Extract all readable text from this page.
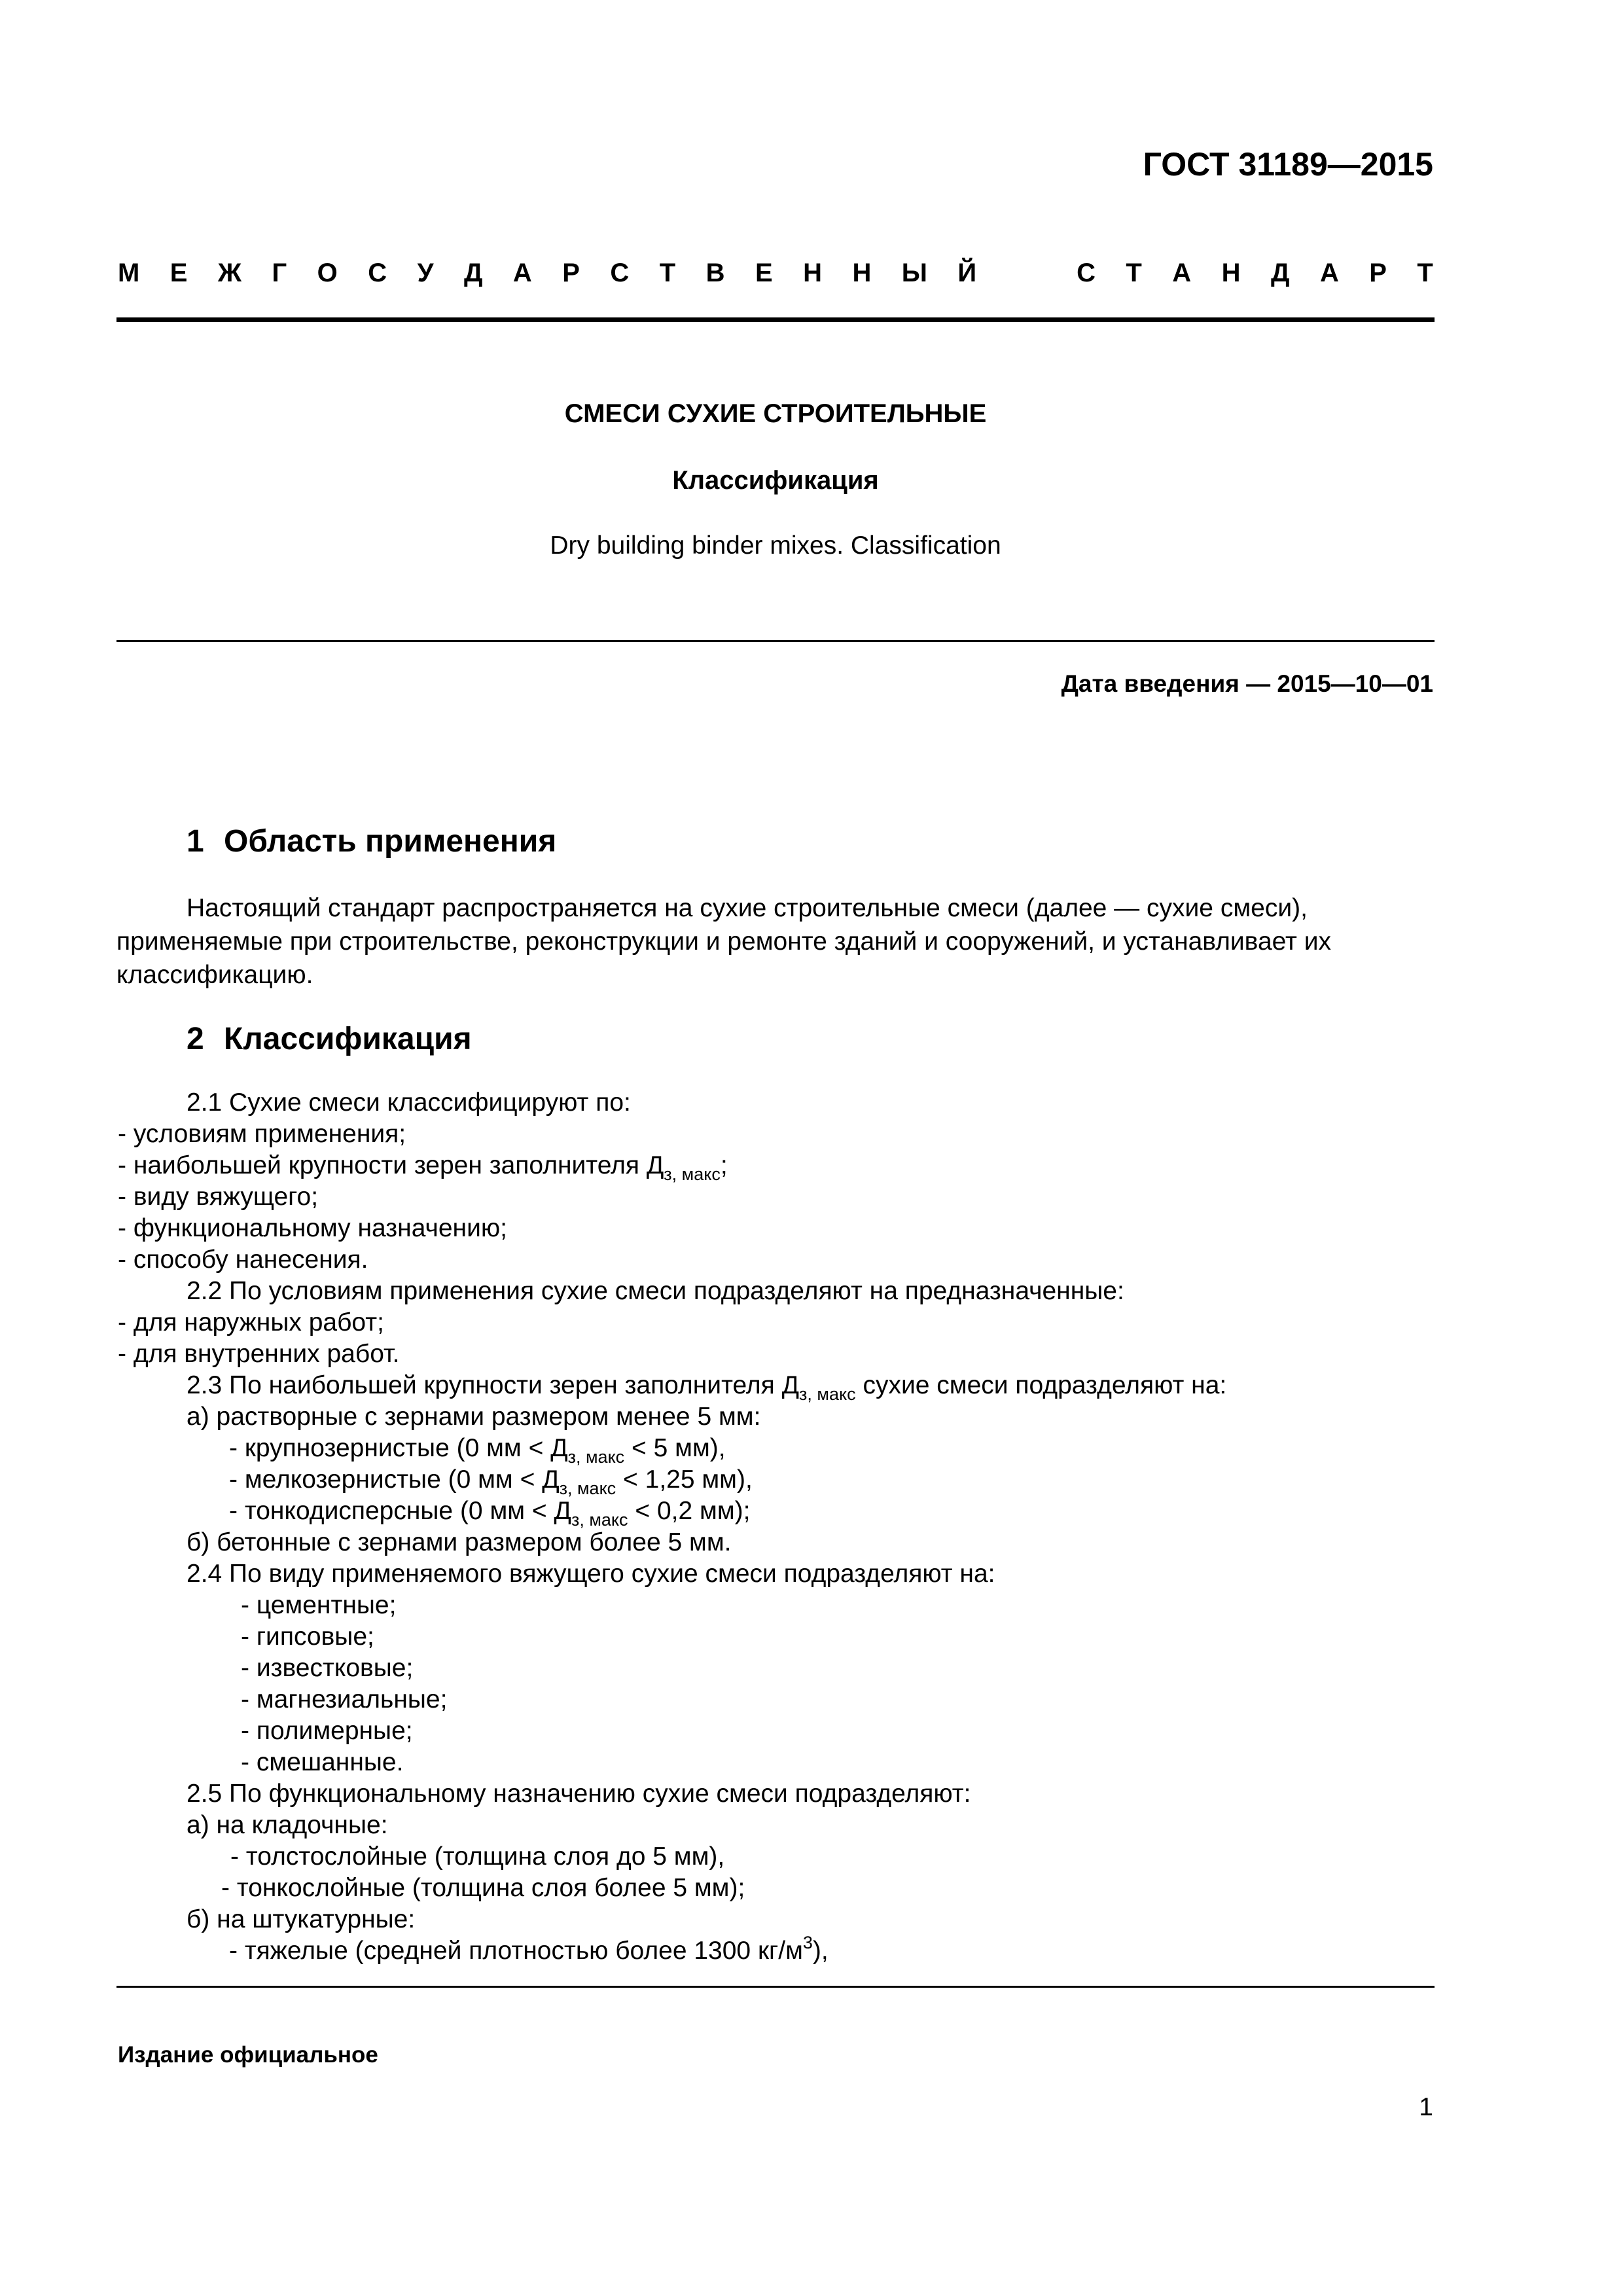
ГОСТ 31189—2015
М Е Ж Г О С У Д А Р С Т В Е Н Н Ы Й	С Т А Н Д А Р Т
СМЕСИ СУХИЕ СТРОИТЕЛЬНЫЕ
Классификация
Dry building binder mixes. Classification
Дата введения — 2015—10—01
1 Область применения
Настоящий стандарт распространяется на сухие строительные смеси (далее — сухие смеси), применяемые при строительстве, реконструкции и ремонте зданий и сооружений, и устанавливает их классификацию.
2 Классификация
2.1 Сухие смеси классифицируют по:
- условиям применения;
- наибольшей крупности зерен заполнителя $Д_{з, макс}$;
- виду вяжущего;
- функциональному назначению;
- способу нанесения.
2.2 По условиям применения сухие смеси подразделяют на предназначенные:
- для наружных работ;
- для внутренних работ.
2.3 По наибольшей крупности зерен заполнителя $Д_{з, макс}$ сухие смеси подразделяют на:
а) растворные с зернами размером менее 5 мм:
- крупнозернистые (0 мм < $Д_{з, макс} < 5$ мм),
- мелкозернистые (0 мм < $Д_{з, макс} < 1,25$ мм),
- тонкодисперсные (0 мм < $Д_{з, макс} < 0,2$ мм);
б) бетонные с зернами размером более 5 мм.
2.4 По виду применяемого вяжущего сухие смеси подразделяют на:
- цементные;
- гипсовые;
- известковые;
- магнезиальные;
- полимерные;
- смешанные.
2.5 По функциональному назначению сухие смеси подразделяют:
а) на кладочные:
- толстослойные (толщина слоя до 5 мм),
- тонкослойные (толщина слоя более 5 мм);
б) на штукатурные:
- тяжелые (средней плотностью более 1300 $кг/м^3$),
Издание официальное
1
